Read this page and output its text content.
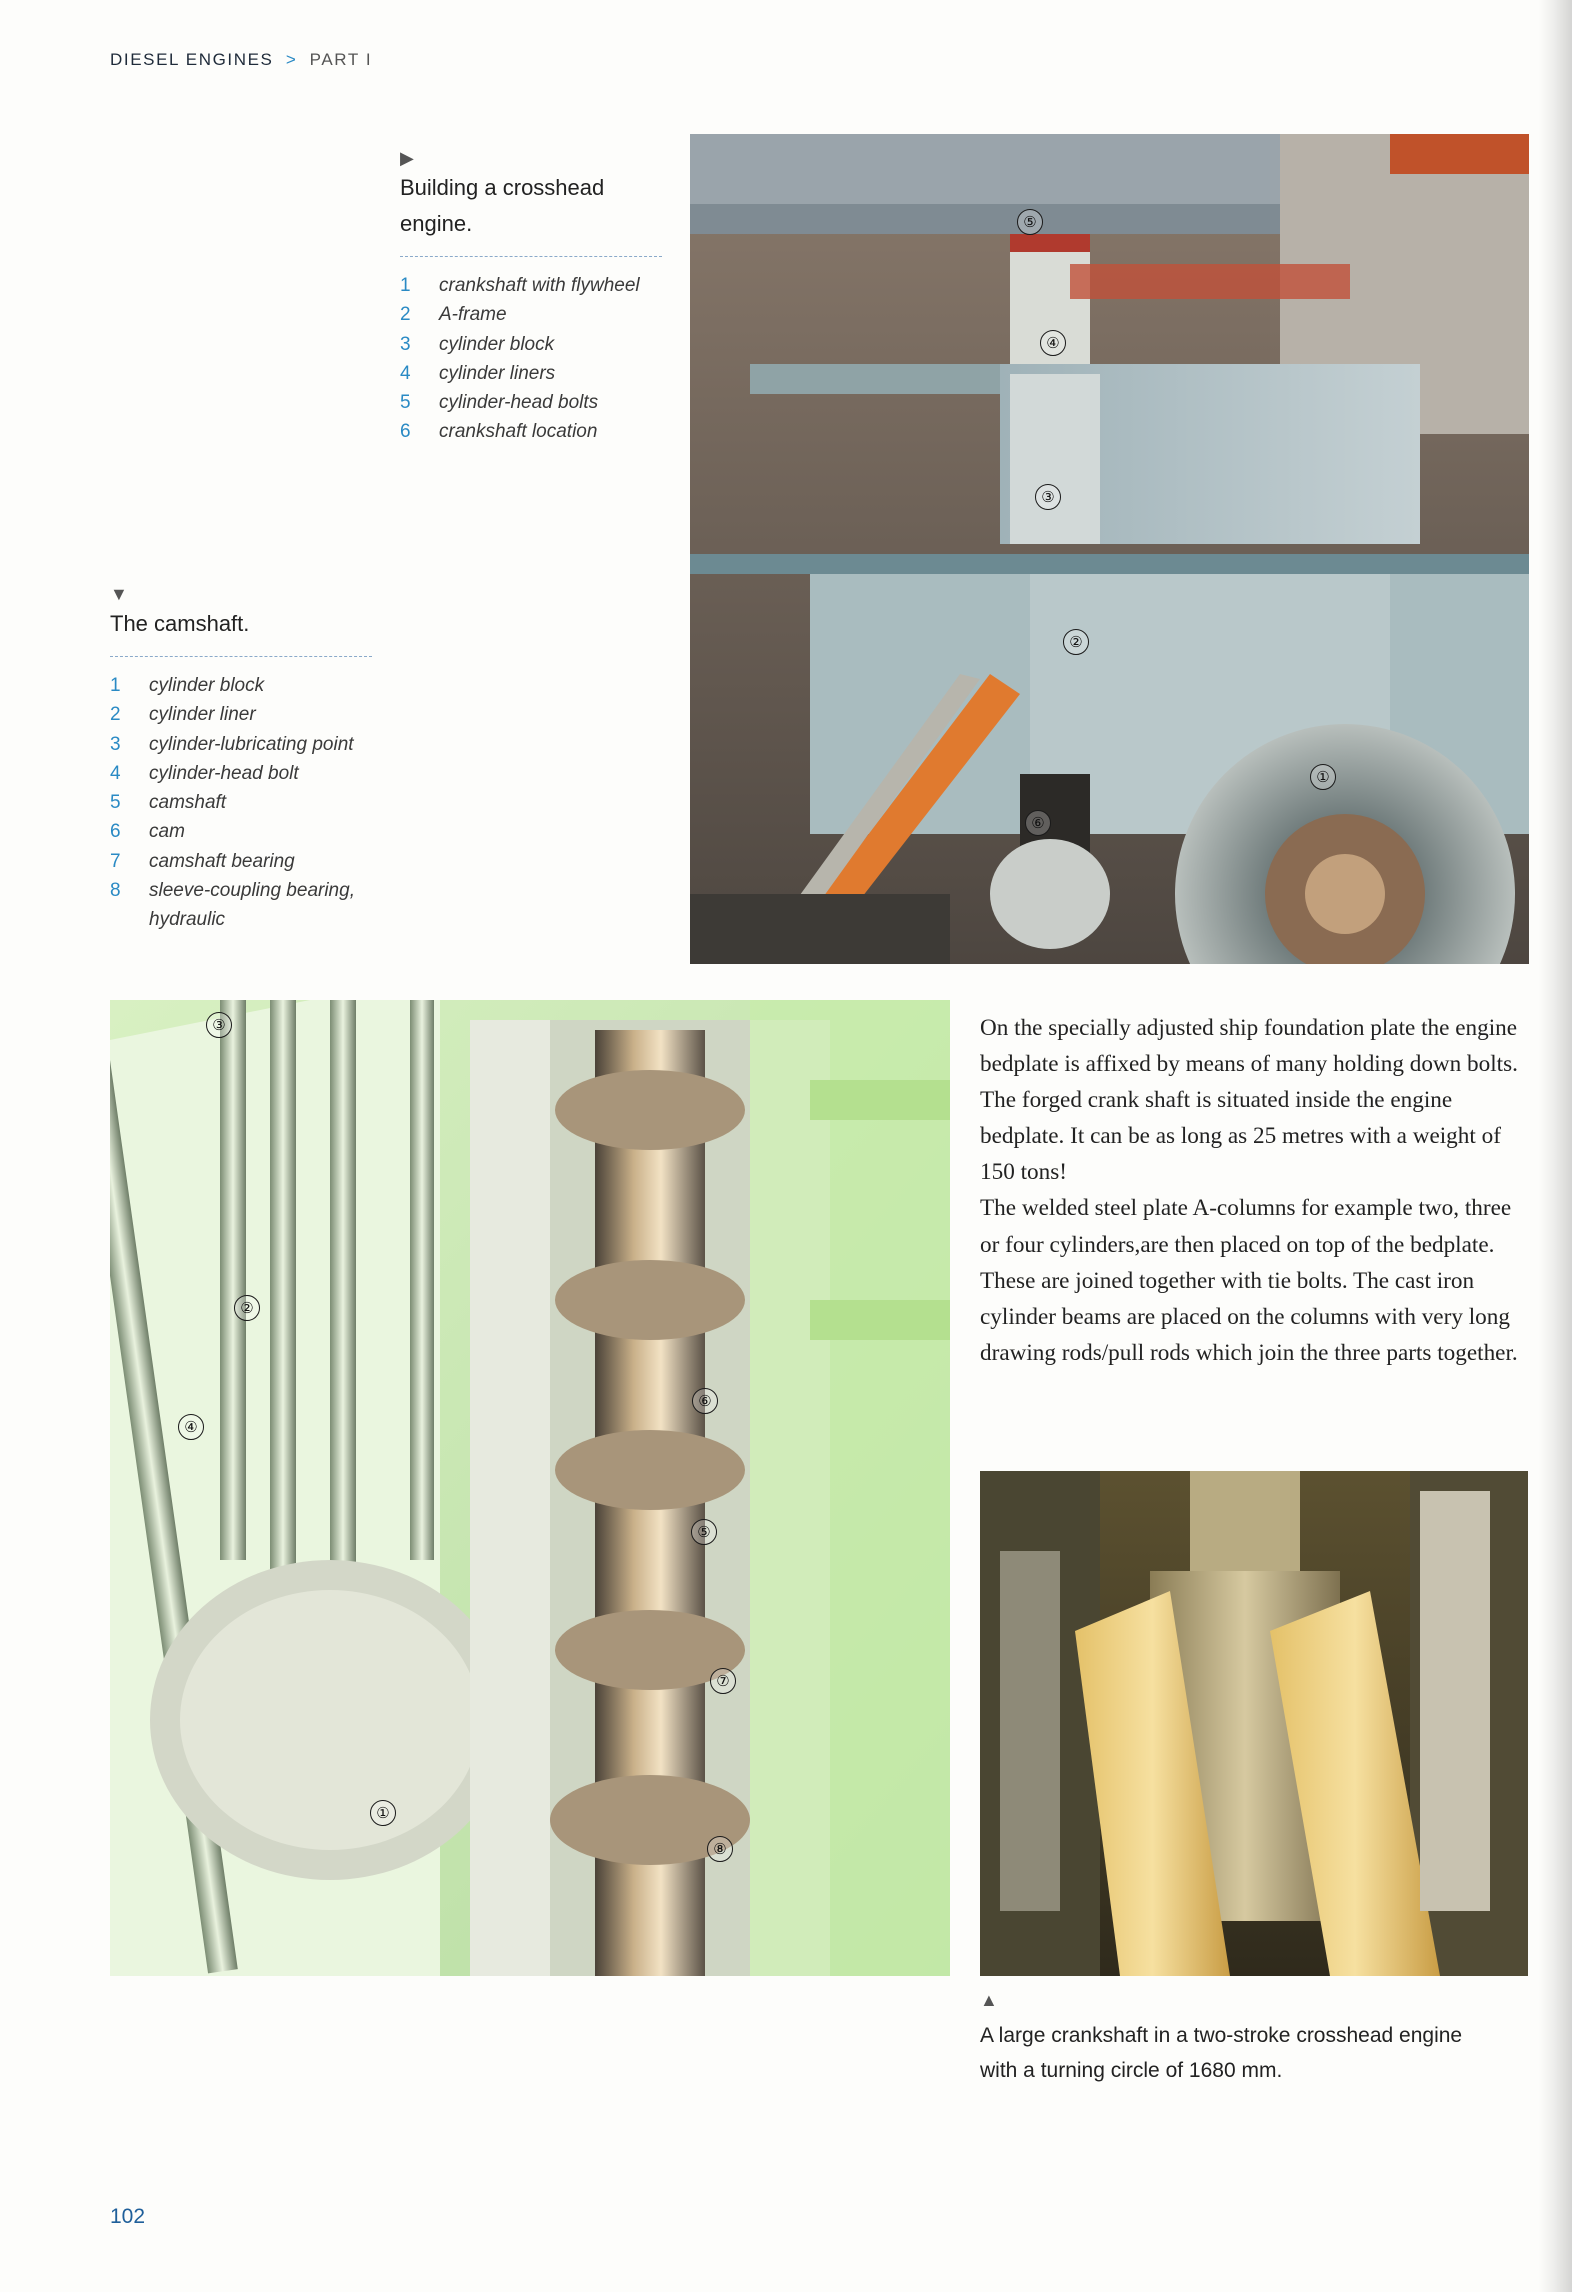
DIESEL ENGINES > PART I
▶
Building a crosshead
engine.
1	crankshaft with flywheel
2	A-frame
3	cylinder block
4	cylinder liners
5	cylinder-head bolts
6	crankshaft location
▼
The camshaft.
1	cylinder block
2	cylinder liner
3	cylinder-lubricating point
4	cylinder-head bolt
5	camshaft
6	cam
7	camshaft bearing
8	sleeve-coupling bearing,
hydraulic
⑤
④
③
②
①
⑥
③
②
④
⑥
⑤
⑦
①
⑧

On the specially adjusted ship foundation plate the engine bedplate is affixed by means of many holding down bolts. The forged crank shaft is situated inside the engine bedplate. It can be as long as 25 metres with a weight of 150 tons!

The welded steel plate A-columns for example two, three or four cylinders,are then placed on top of the bedplate.

These are joined together with tie bolts. The cast iron cylinder beams are placed on the columns with very long drawing rods/pull rods which join the three parts together.

▲
A large crankshaft in a two-stroke crosshead engine
with a turning circle of 1680 mm.
102
